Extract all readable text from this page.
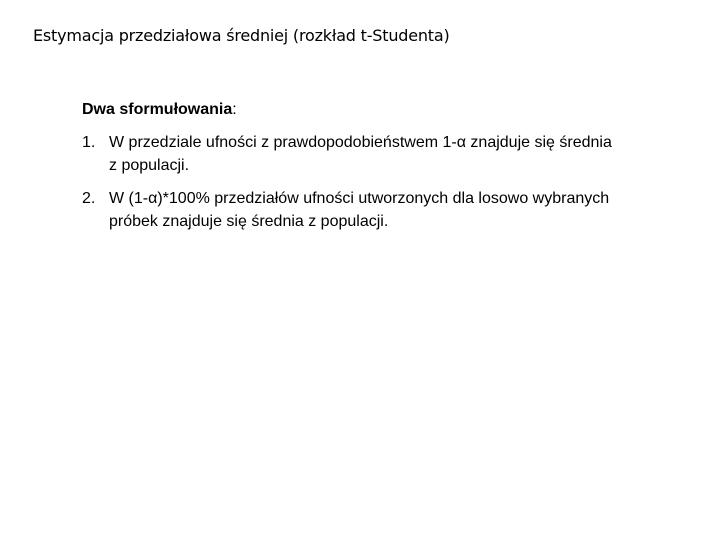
Estymacja przedziałowa średniej (rozkład t-Studenta)
Dwa sformułowania:
1. W przedziale ufności z prawdopodobieństwem 1-α znajduje się średnia z populacji.
2. W (1-α)*100% przedziałów ufności utworzonych dla losowo wybranych próbek znajduje się średnia z populacji.
